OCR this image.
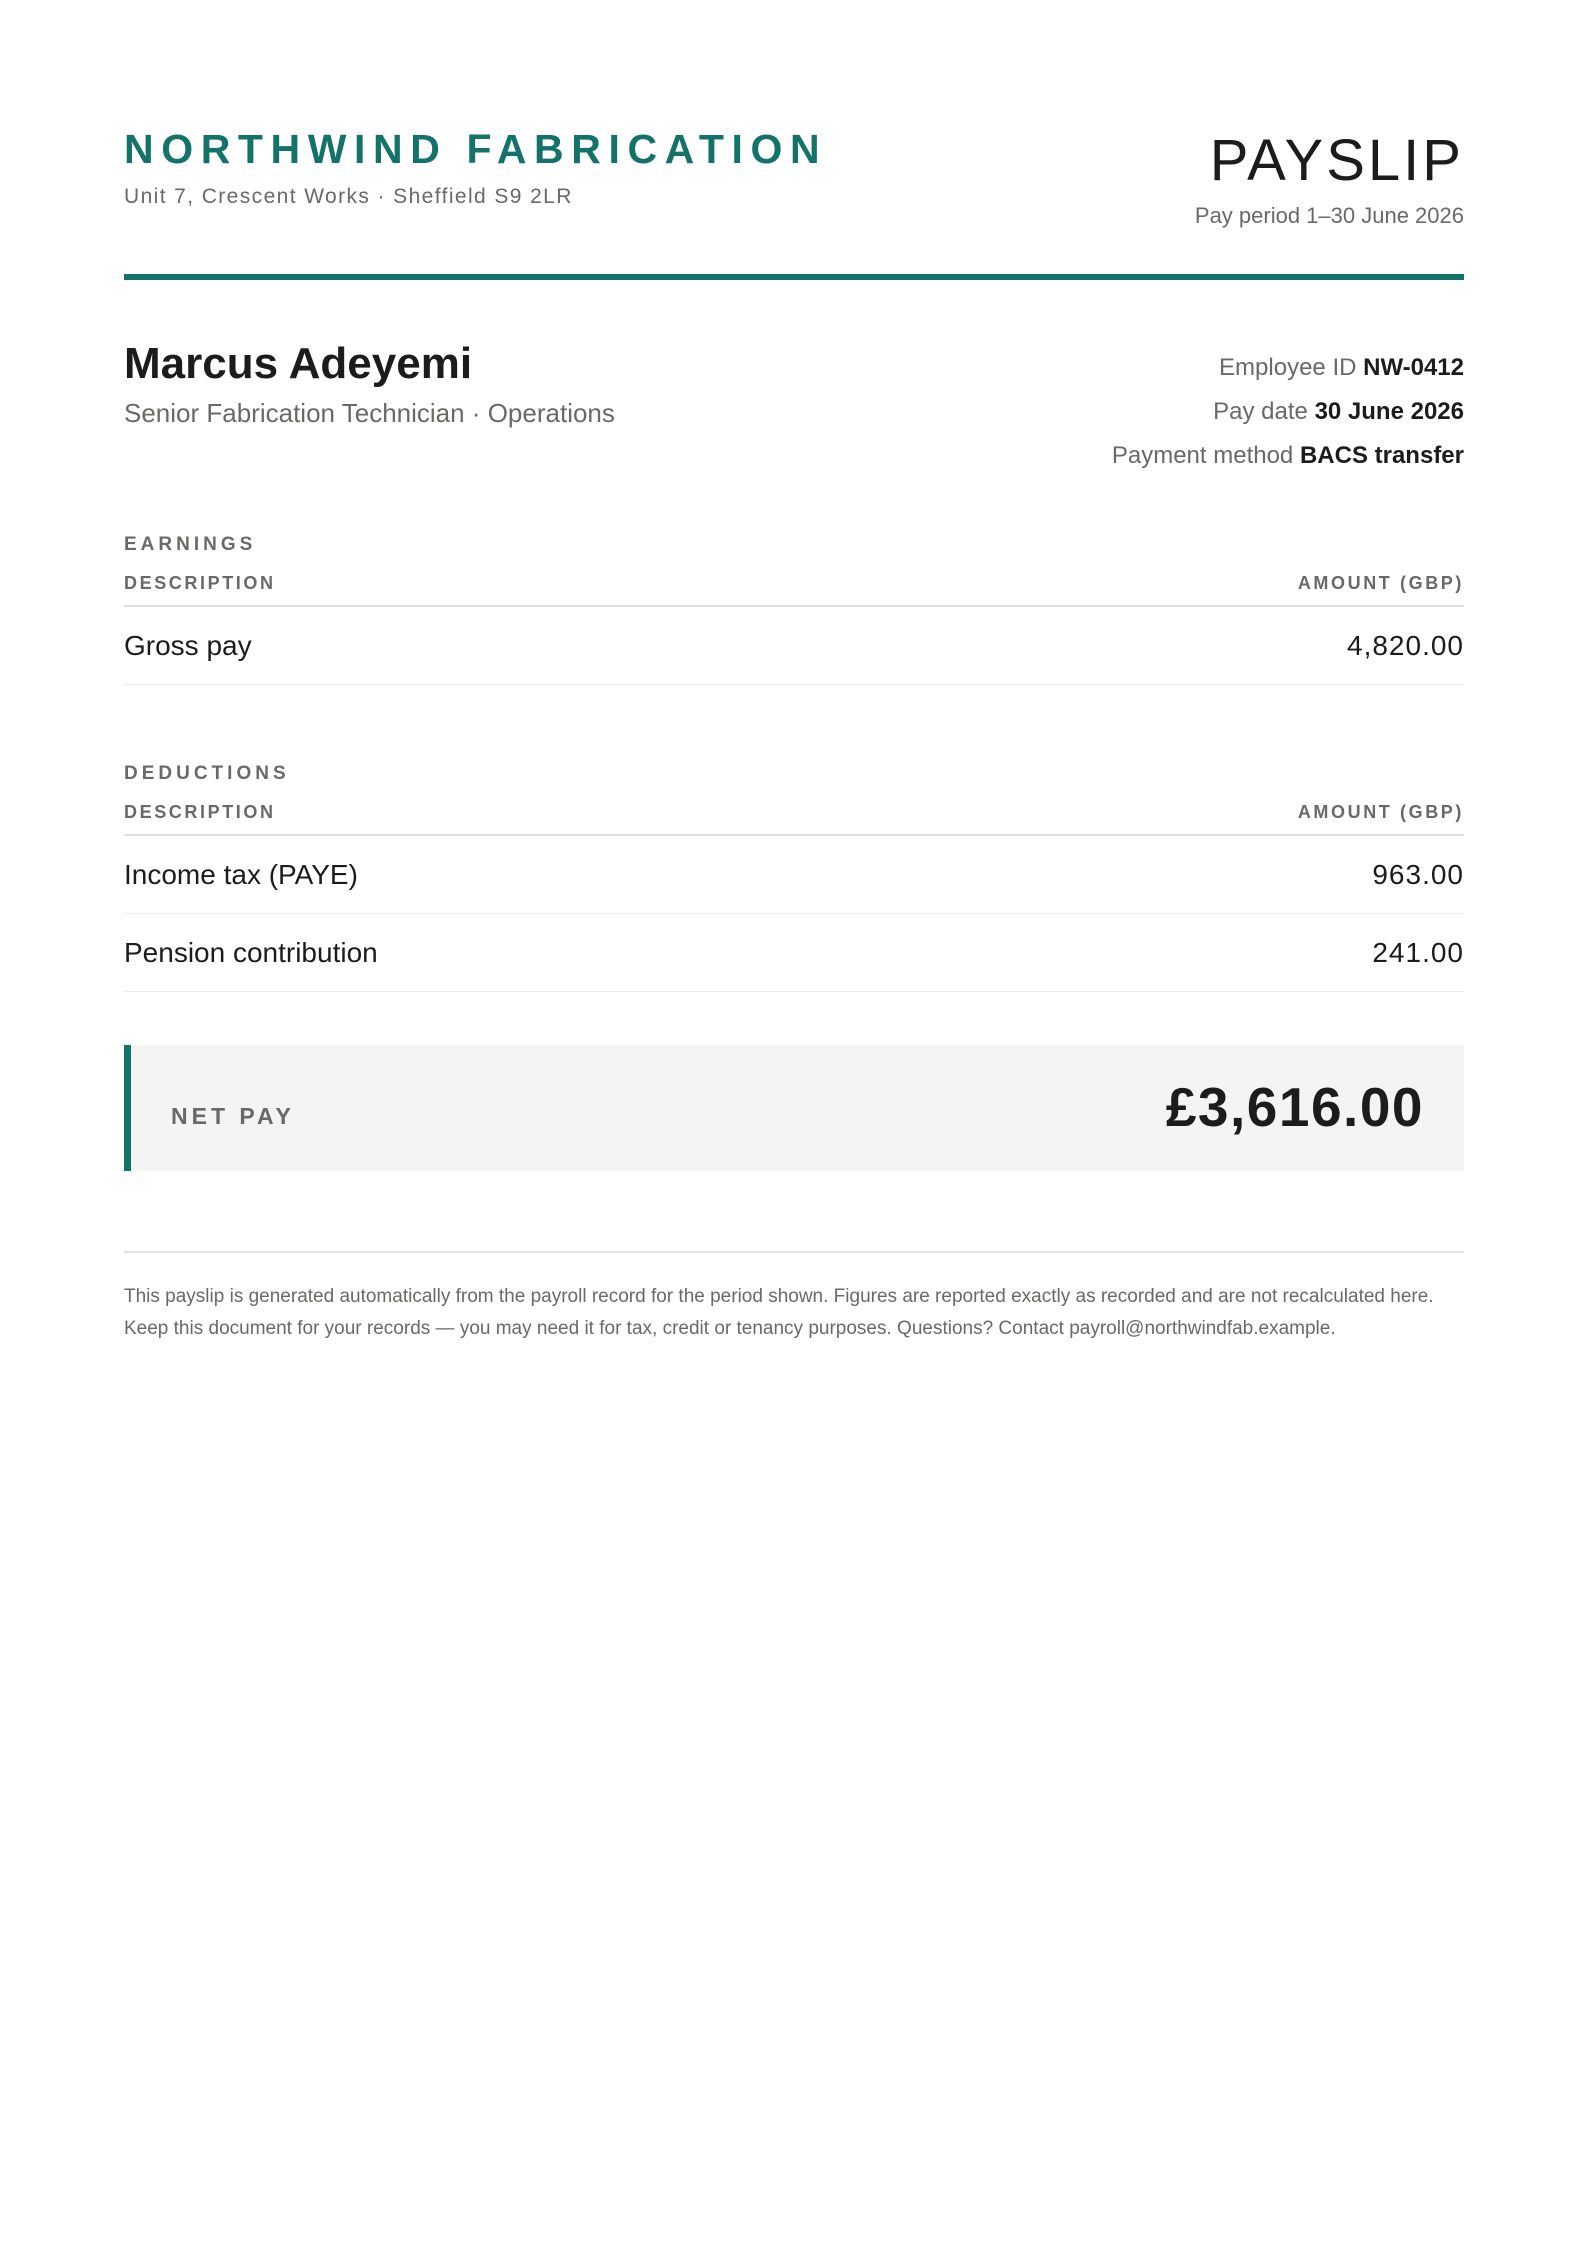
NORTHWIND FABRICATION
Unit 7, Crescent Works · Sheffield S9 2LR
PAYSLIP
Pay period 1–30 June 2026
Marcus Adeyemi
Senior Fabrication Technician · Operations
Employee ID NW-0412
Pay date 30 June 2026
Payment method BACS transfer
EARNINGS
DESCRIPTION	AMOUNT (GBP)
Gross pay	4,820.00
DEDUCTIONS
DESCRIPTION	AMOUNT (GBP)
Income tax (PAYE)	963.00
Pension contribution	241.00
NET PAY	£3,616.00

This payslip is generated automatically from the payroll record for the period shown. Figures are reported exactly as recorded and are not recalculated here. Keep this document for your records — you may need it for tax, credit or tenancy purposes. Questions? Contact payroll@northwindfab.example.
